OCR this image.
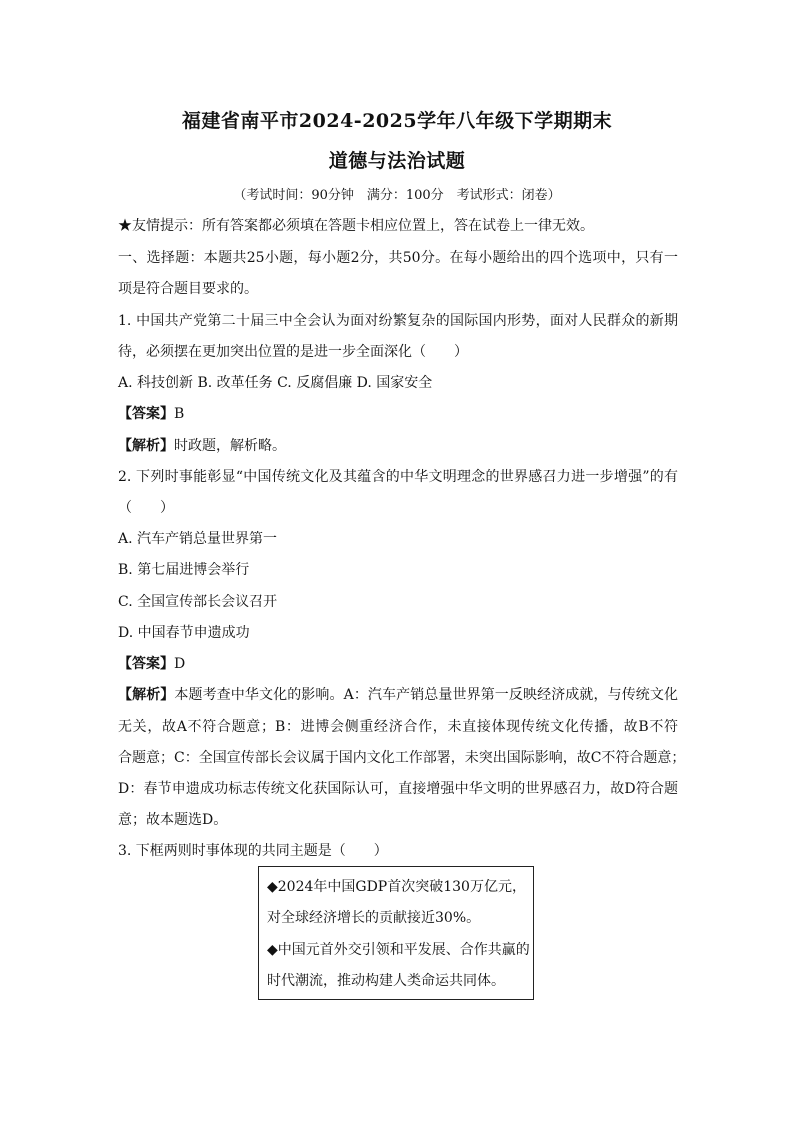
福建省南平市2024-2025学年八年级下学期期末
道德与法治试题
（考试时间：90分钟　满分：100分　考试形式：闭卷）
★友情提示：所有答案都必须填在答题卡相应位置上，答在试卷上一律无效。
一、选择题：本题共25小题，每小题2分，共50分。在每小题给出的四个选项中，只有一
项是符合题目要求的。
1. 中国共产党第二十届三中全会认为面对纷繁复杂的国际国内形势，面对人民群众的新期
待，必须摆在更加突出位置的是进一步全面深化（　　）
A. 科技创新 B. 改革任务 C. 反腐倡廉 D. 国家安全
【答案】B
【解析】时政题，解析略。
2. 下列时事能彰显“中国传统文化及其蕴含的中华文明理念的世界感召力进一步增强”的有
（　　）
A. 汽车产销总量世界第一
B. 第七届进博会举行
C. 全国宣传部长会议召开
D. 中国春节申遗成功
【答案】D
【解析】本题考查中华文化的影响。A：汽车产销总量世界第一反映经济成就，与传统文化
无关，故A不符合题意；B：进博会侧重经济合作，未直接体现传统文化传播，故B不符
合题意；C：全国宣传部长会议属于国内文化工作部署，未突出国际影响，故C不符合题意；
D：春节申遗成功标志传统文化获国际认可，直接增强中华文明的世界感召力，故D符合题
意；故本题选D。
3. 下框两则时事体现的共同主题是（　　）
◆2024年中国GDP首次突破130万亿元，
对全球经济增长的贡献接近30%。
◆中国元首外交引领和平发展、合作共赢的
时代潮流，推动构建人类命运共同体。
